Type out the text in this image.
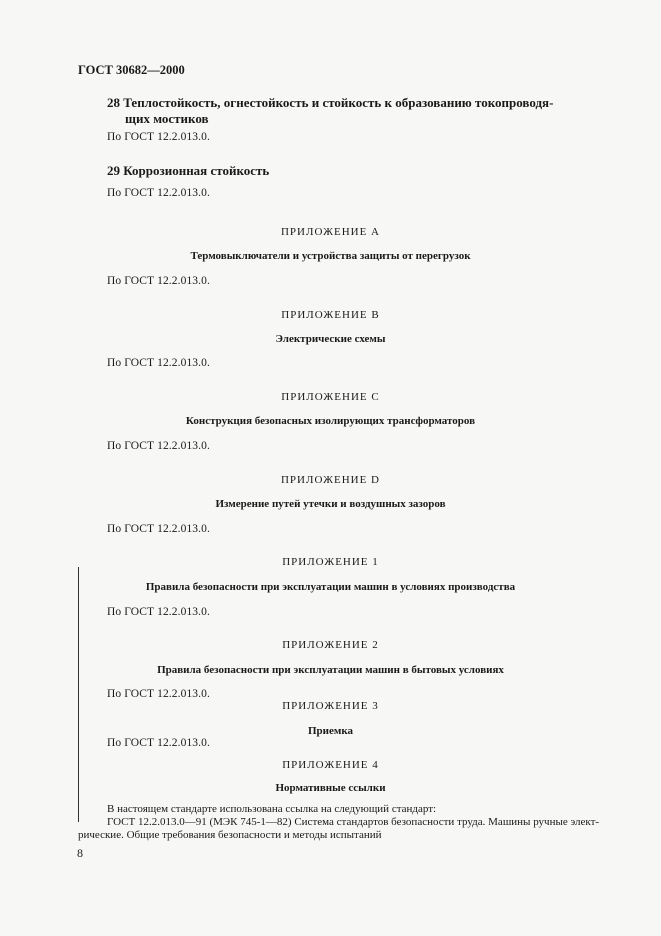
ГОСТ 30682—2000
28 Теплостойкость, огнестойкость и стойкость к образованию токопроводя-
щих мостиков
По ГОСТ 12.2.013.0.
29 Коррозионная стойкость
По ГОСТ 12.2.013.0.
ПРИЛОЖЕНИЕ А
Термовыключатели и устройства защиты от перегрузок
По ГОСТ 12.2.013.0.
ПРИЛОЖЕНИЕ В
Электрические схемы
По ГОСТ 12.2.013.0.
ПРИЛОЖЕНИЕ С
Конструкция безопасных изолирующих трансформаторов
По ГОСТ 12.2.013.0.
ПРИЛОЖЕНИЕ D
Измерение путей утечки и воздушных зазоров
По ГОСТ 12.2.013.0.
ПРИЛОЖЕНИЕ 1
Правила безопасности при эксплуатации машин в условиях производства
По ГОСТ 12.2.013.0.
ПРИЛОЖЕНИЕ 2
Правила безопасности при эксплуатации машин в бытовых условиях
По ГОСТ 12.2.013.0.
ПРИЛОЖЕНИЕ 3
Приемка
По ГОСТ 12.2.013.0.
ПРИЛОЖЕНИЕ 4
Нормативные ссылки
В настоящем стандарте использована ссылка на следующий стандарт:
ГОСТ 12.2.013.0—91 (МЭК 745-1—82) Система стандартов безопасности труда. Машины ручные элект-
рические. Общие требования безопасности и методы испытаний
8
